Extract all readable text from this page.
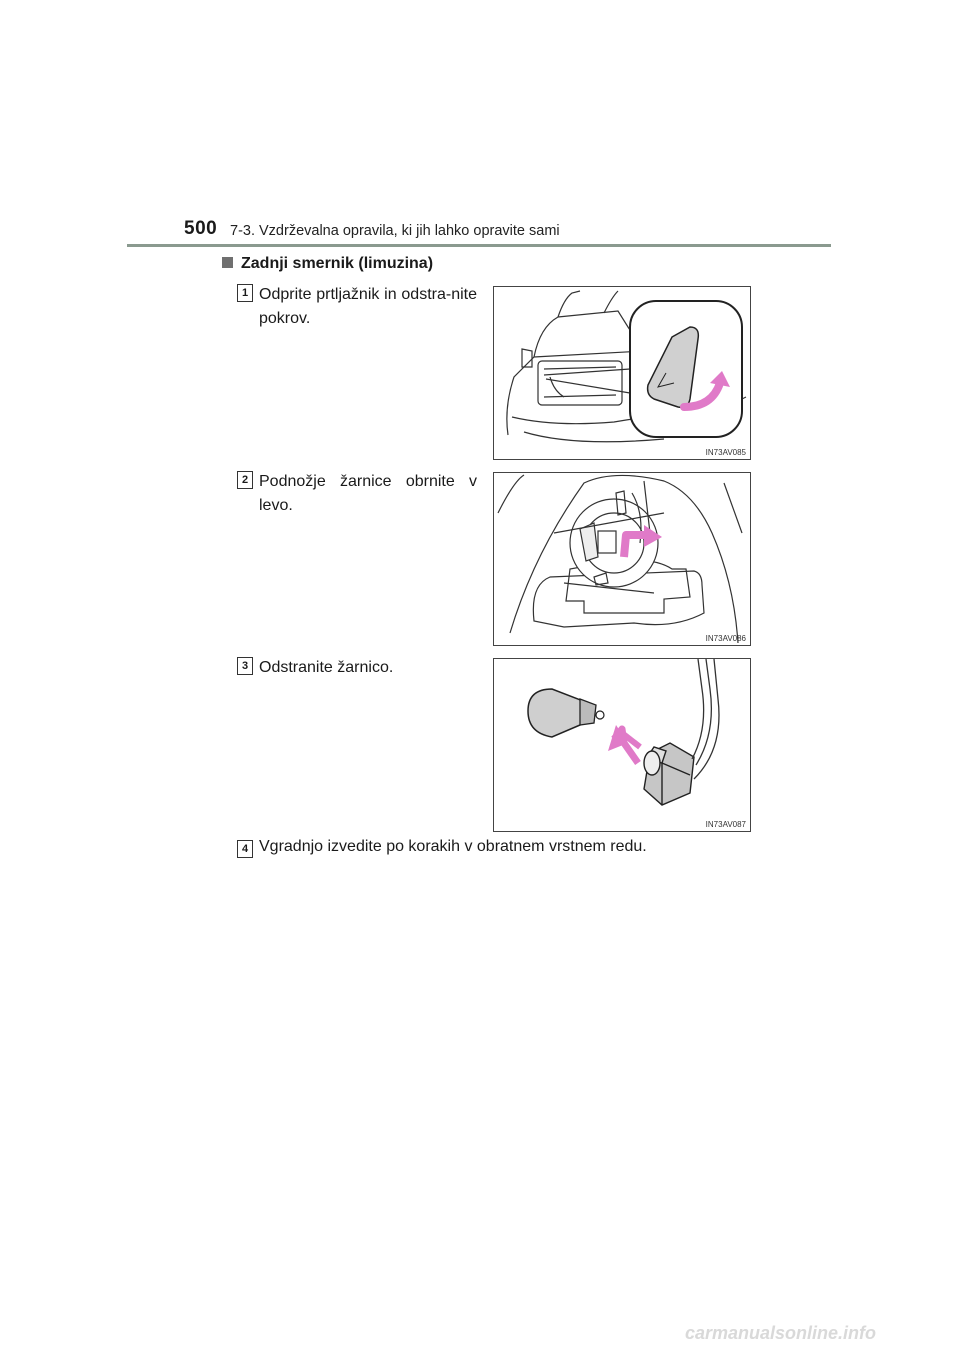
500 7-3. Vzdrževalna opravila, ki jih lahko opravite sami
Zadnji smernik (limuzina)
1 Odprite prtljažnik in odstra-nite pokrov.
IN73AV085
2 Podnožje žarnice obrnite v levo.
IN73AV086
3 Odstranite žarnico.
IN73AV087
4 Vgradnjo izvedite po korakih v obratnem vrstnem redu.
carmanualsonline.info
